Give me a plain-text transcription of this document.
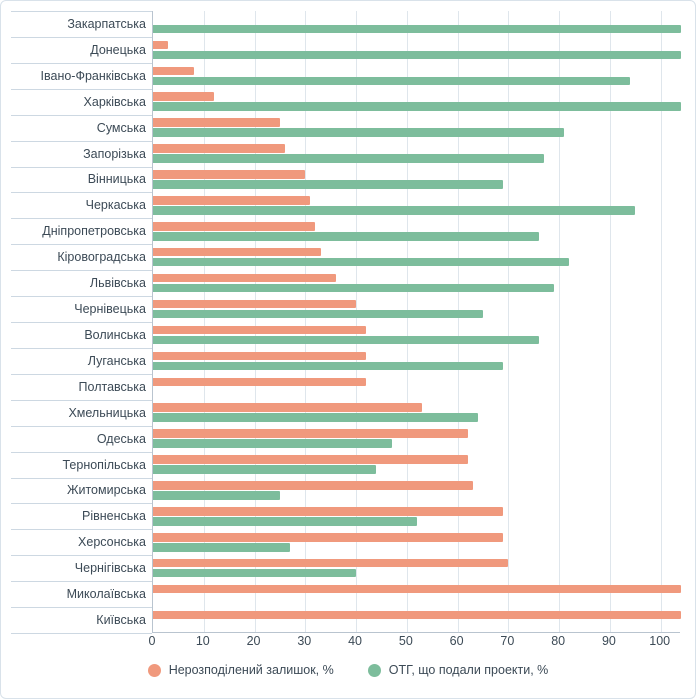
Закарпатська
Донецька
Івано-Франківська
Харківська
Сумська
Запорізька
Вінницька
Черкаська
Дніпропетровська
Кіровоградська
Львівська
Чернівецька
Волинська
Луганська
Полтавська
Хмельницька
Одеська
Тернопільська
Житомирська
Рівненська
Херсонська
Чернігівська
Миколаївська
Київська
0	10	20	30	40	50	60	70	80	90	100
Нерозподілений залишок, %	ОТГ, що подали проекти, %
